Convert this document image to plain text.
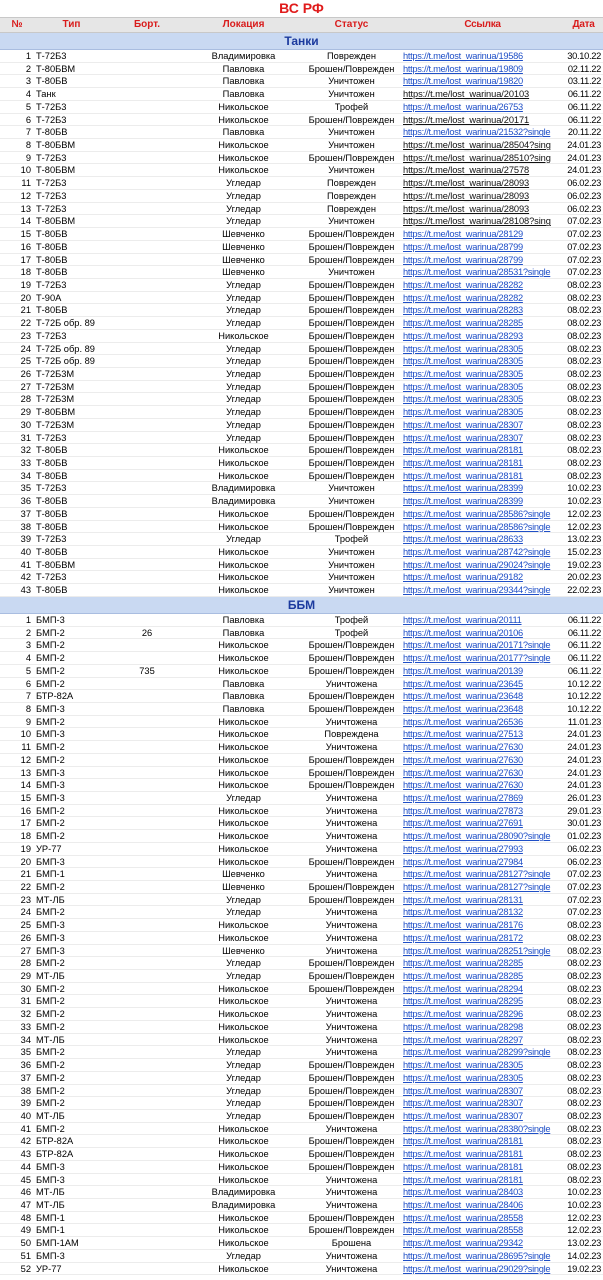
ВС РФ
№	Тип	Борт.	Локация	Статус	Ссылка	Дата
Танки
1 Т-72Б3	Владимировка	Поврежден	https://t.me/lost_warinua/19586	30.10.22
2 Т-80БВМ	Павловка	Брошен/Поврежден https://t.me/lost_warinua/19809	02.11.22
3 Т-80БВ	Павловка	Уничтожен	https://t.me/lost_warinua/19820	03.11.22
4 Танк	Павловка	Уничтожен	https://t.me/lost_warinua/20103	06.11.22
5 Т-72Б3	Никольское	Трофей	https://t.me/lost_warinua/26753	06.11.22
6 Т-72Б3	Никольское	Брошен/Поврежден https://t.me/lost_warinua/20171	06.11.22
7 Т-80БВ	Павловка	Уничтожен	https://t.me/lost_warinua/21532?single	20.11.22
8 Т-80БВМ	Никольское	Уничтожен	https://t.me/lost_warinua/28504?sing	24.01.23
9 Т-72Б3	Никольское	Брошен/Поврежден https://t.me/lost_warinua/28510?sing	24.01.23
10 Т-80БВМ	Никольское	Уничтожен	https://t.me/lost_warinua/27578	24.01.23
11 Т-72Б3	Угледар	Поврежден	https://t.me/lost_warinua/28093	06.02.23
12 Т-72Б3	Угледар	Поврежден	https://t.me/lost_warinua/28093	06.02.23
13 Т-72Б3	Угледар	Поврежден	https://t.me/lost_warinua/28093	06.02.23
14 Т-80БВМ	Угледар	Уничтожен	https://t.me/lost_warinua/28108?sing	07.02.23
15 Т-80БВ	Шевченко	Брошен/Поврежден https://t.me/lost_warinua/28129	07.02.23
16 Т-80БВ	Шевченко	Брошен/Поврежден https://t.me/lost_warinua/28799	07.02.23
17 Т-80БВ	Шевченко	Брошен/Поврежден https://t.me/lost_warinua/28799	07.02.23
18 Т-80БВ	Шевченко	Уничтожен	https://t.me/lost_warinua/28531?single	07.02.23
19 Т-72Б3	Угледар	Брошен/Поврежден https://t.me/lost_warinua/28282	08.02.23
20 Т-90А	Угледар	Брошен/Поврежден https://t.me/lost_warinua/28282	08.02.23
21 Т-80БВ	Угледар	Брошен/Поврежден https://t.me/lost_warinua/28283	08.02.23
22 Т-72Б обр. 89	Угледар	Брошен/Поврежден https://t.me/lost_warinua/28285	08.02.23
23 Т-72Б3	Никольское	Брошен/Поврежден https://t.me/lost_warinua/28293	08.02.23
24 Т-72Б обр. 89	Угледар	Брошен/Поврежден https://t.me/lost_warinua/28305	08.02.23
25 Т-72Б обр. 89	Угледар	Брошен/Поврежден https://t.me/lost_warinua/28305	08.02.23
26 Т-72Б3М	Угледар	Брошен/Поврежден https://t.me/lost_warinua/28305	08.02.23
27 Т-72Б3М	Угледар	Брошен/Поврежден https://t.me/lost_warinua/28305	08.02.23
28 Т-72Б3М	Угледар	Брошен/Поврежден https://t.me/lost_warinua/28305	08.02.23
29 Т-80БВМ	Угледар	Брошен/Поврежден https://t.me/lost_warinua/28305	08.02.23
30 Т-72Б3М	Угледар	Брошен/Поврежден https://t.me/lost_warinua/28307	08.02.23
31 Т-72Б3	Угледар	Брошен/Поврежден https://t.me/lost_warinua/28307	08.02.23
32 Т-80БВ	Никольское	Брошен/Поврежден https://t.me/lost_warinua/28181	08.02.23
33 Т-80БВ	Никольское	Брошен/Поврежден https://t.me/lost_warinua/28181	08.02.23
34 Т-80БВ	Никольское	Брошен/Поврежден https://t.me/lost_warinua/28181	08.02.23
35 Т-72Б3	Владимировка	Уничтожен	https://t.me/lost_warinua/28399	10.02.23
36 Т-80БВ	Владимировка	Уничтожен	https://t.me/lost_warinua/28399	10.02.23
37 Т-80БВ	Никольское	Брошен/Поврежден https://t.me/lost_warinua/28586?single	12.02.23
38 Т-80БВ	Никольское	Брошен/Поврежден https://t.me/lost_warinua/28586?single	12.02.23
39 Т-72Б3	Угледар	Трофей	https://t.me/lost_warinua/28633	13.02.23
40 Т-80БВ	Никольское	Уничтожен	https://t.me/lost_warinua/28742?single	15.02.23
41 Т-80БВМ	Никольское	Уничтожен	https://t.me/lost_warinua/29024?single	19.02.23
42 Т-72Б3	Никольское	Уничтожен	https://t.me/lost_warinua/29182	20.02.23
43 Т-80БВ	Никольское	Уничтожен	https://t.me/lost_warinua/29344?single	22.02.23
ББМ
1 БМП-3	Павловка	Трофей	https://t.me/lost_warinua/20111	06.11.22
2 БМП-2	26	Павловка	Трофей	https://t.me/lost_warinua/20106	06.11.22
3 БМП-2	Никольское	Брошен/Поврежден https://t.me/lost_warinua/20171?single	06.11.22
4 БМП-2	Никольское	Брошен/Поврежден https://t.me/lost_warinua/20177?single	06.11.22
5 БМП-2	735	Никольское	Брошен/Поврежден https://t.me/lost_warinua/20139	06.11.22
6 БМП-2	Павловка	Уничтожена	https://t.me/lost_warinua/23645	10.12.22
7 БТР-82А	Павловка	Брошен/Поврежден https://t.me/lost_warinua/23648	10.12.22
8 БМП-3	Павловка	Брошен/Поврежден https://t.me/lost_warinua/23648	10.12.22
9 БМП-2	Никольское	Уничтожена	https://t.me/lost_warinua/26536	11.01.23
10 БМП-3	Никольское	Повреждена	https://t.me/lost_warinua/27513	24.01.23
11 БМП-2	Никольское	Уничтожена	https://t.me/lost_warinua/27630	24.01.23
12 БМП-2	Никольское	Брошен/Поврежден https://t.me/lost_warinua/27630	24.01.23
13 БМП-3	Никольское	Брошен/Поврежден https://t.me/lost_warinua/27630	24.01.23
14 БМП-3	Никольское	Брошен/Поврежден https://t.me/lost_warinua/27630	24.01.23
15 БМП-3	Угледар	Уничтожена	https://t.me/lost_warinua/27869	26.01.23
16 БМП-2	Никольское	Уничтожена	https://t.me/lost_warinua/27873	29.01.23
17 БМП-2	Никольское	Уничтожена	https://t.me/lost_warinua/27691	30.01.23
18 БМП-2	Никольское	Уничтожена	https://t.me/lost_warinua/28090?single	01.02.23
19 УР-77	Никольское	Уничтожена	https://t.me/lost_warinua/27993	06.02.23
20 БМП-3	Никольское	Брошен/Поврежден https://t.me/lost_warinua/27984	06.02.23
21 БМП-1	Шевченко	Уничтожена	https://t.me/lost_warinua/28127?single	07.02.23
22 БМП-2	Шевченко	Брошен/Поврежден https://t.me/lost_warinua/28127?single	07.02.23
23 МТ-ЛБ	Угледар	Брошен/Поврежден https://t.me/lost_warinua/28131	07.02.23
24 БМП-2	Угледар	Уничтожена	https://t.me/lost_warinua/28132	07.02.23
25 БМП-3	Никольское	Уничтожена	https://t.me/lost_warinua/28176	08.02.23
26 БМП-3	Никольское	Уничтожена	https://t.me/lost_warinua/28172	08.02.23
27 БМП-3	Шевченко	Уничтожена	https://t.me/lost_warinua/28251?single	08.02.23
28 БМП-2	Угледар	Брошен/Поврежден https://t.me/lost_warinua/28285	08.02.23
29 МТ-ЛБ	Угледар	Брошен/Поврежден https://t.me/lost_warinua/28285	08.02.23
30 БМП-2	Никольское	Брошен/Поврежден https://t.me/lost_warinua/28294	08.02.23
31 БМП-2	Никольское	Уничтожена	https://t.me/lost_warinua/28295	08.02.23
32 БМП-2	Никольское	Уничтожена	https://t.me/lost_warinua/28296	08.02.23
33 БМП-2	Никольское	Уничтожена	https://t.me/lost_warinua/28298	08.02.23
34 МТ-ЛБ	Никольское	Уничтожена	https://t.me/lost_warinua/28297	08.02.23
35 БМП-2	Угледар	Уничтожена	https://t.me/lost_warinua/28299?single	08.02.23
36 БМП-2	Угледар	Брошен/Поврежден https://t.me/lost_warinua/28305	08.02.23
37 БМП-2	Угледар	Брошен/Поврежден https://t.me/lost_warinua/28305	08.02.23
38 БМП-2	Угледар	Брошен/Поврежден https://t.me/lost_warinua/28307	08.02.23
39 БМП-2	Угледар	Брошен/Поврежден https://t.me/lost_warinua/28307	08.02.23
40 МТ-ЛБ	Угледар	Брошен/Поврежден https://t.me/lost_warinua/28307	08.02.23
41 БМП-2	Никольское	Уничтожена	https://t.me/lost_warinua/28380?single	08.02.23
42 БТР-82А	Никольское	Брошен/Поврежден https://t.me/lost_warinua/28181	08.02.23
43 БТР-82А	Никольское	Брошен/Поврежден https://t.me/lost_warinua/28181	08.02.23
44 БМП-3	Никольское	Брошен/Поврежден https://t.me/lost_warinua/28181	08.02.23
45 БМП-3	Никольское	Уничтожена	https://t.me/lost_warinua/28181	08.02.23
46 МТ-ЛБ	Владимировка	Уничтожена	https://t.me/lost_warinua/28403	10.02.23
47 МТ-ЛБ	Владимировка	Уничтожена	https://t.me/lost_warinua/28406	10.02.23
48 БМП-1	Никольское	Брошен/Поврежден https://t.me/lost_warinua/28558	12.02.23
49 БМП-1	Никольское	Брошен/Поврежден https://t.me/lost_warinua/28558	12.02.23
50 БМП-1АМ	Никольское	Брошена	https://t.me/lost_warinua/29342	13.02.23
51 БМП-3	Угледар	Уничтожена	https://t.me/lost_warinua/28695?single	14.02.23
52 УР-77	Никольское	Уничтожена	https://t.me/lost_warinua/29029?single	19.02.23
